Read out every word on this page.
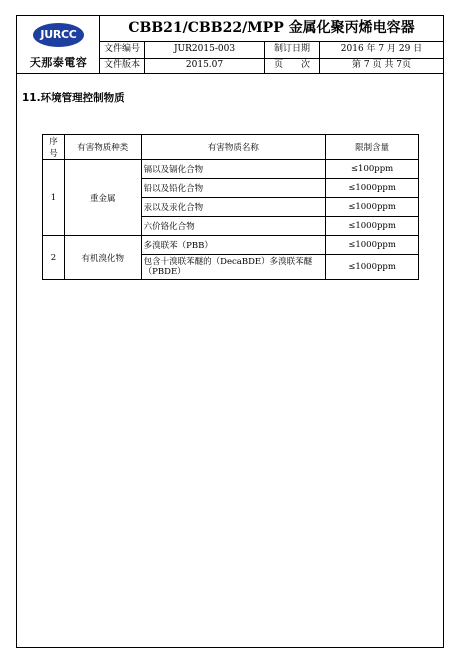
JURCC
天那泰電容
CBB21/CBB22/MPP 金属化聚丙烯电容器
文件编号	JUR2015-003	制订日期	2016 年 7 月 29 日
文件版本	2015.07	页　　次	第 7 页 共 7页
11.环境管理控制物质
序号	有害物质种类	有害物质名称	限制含量
1	重金属	镉以及镉化合物	≤100ppm
		铅以及铅化合物	≤1000ppm
		汞以及汞化合物	≤1000ppm
		六价铬化合物	≤1000ppm
2	有机溴化物	多溴联苯（PBB）	≤1000ppm
		包含十溴联苯醚的（DecaBDE）多溴联苯醚（PBDE）	≤1000ppm
